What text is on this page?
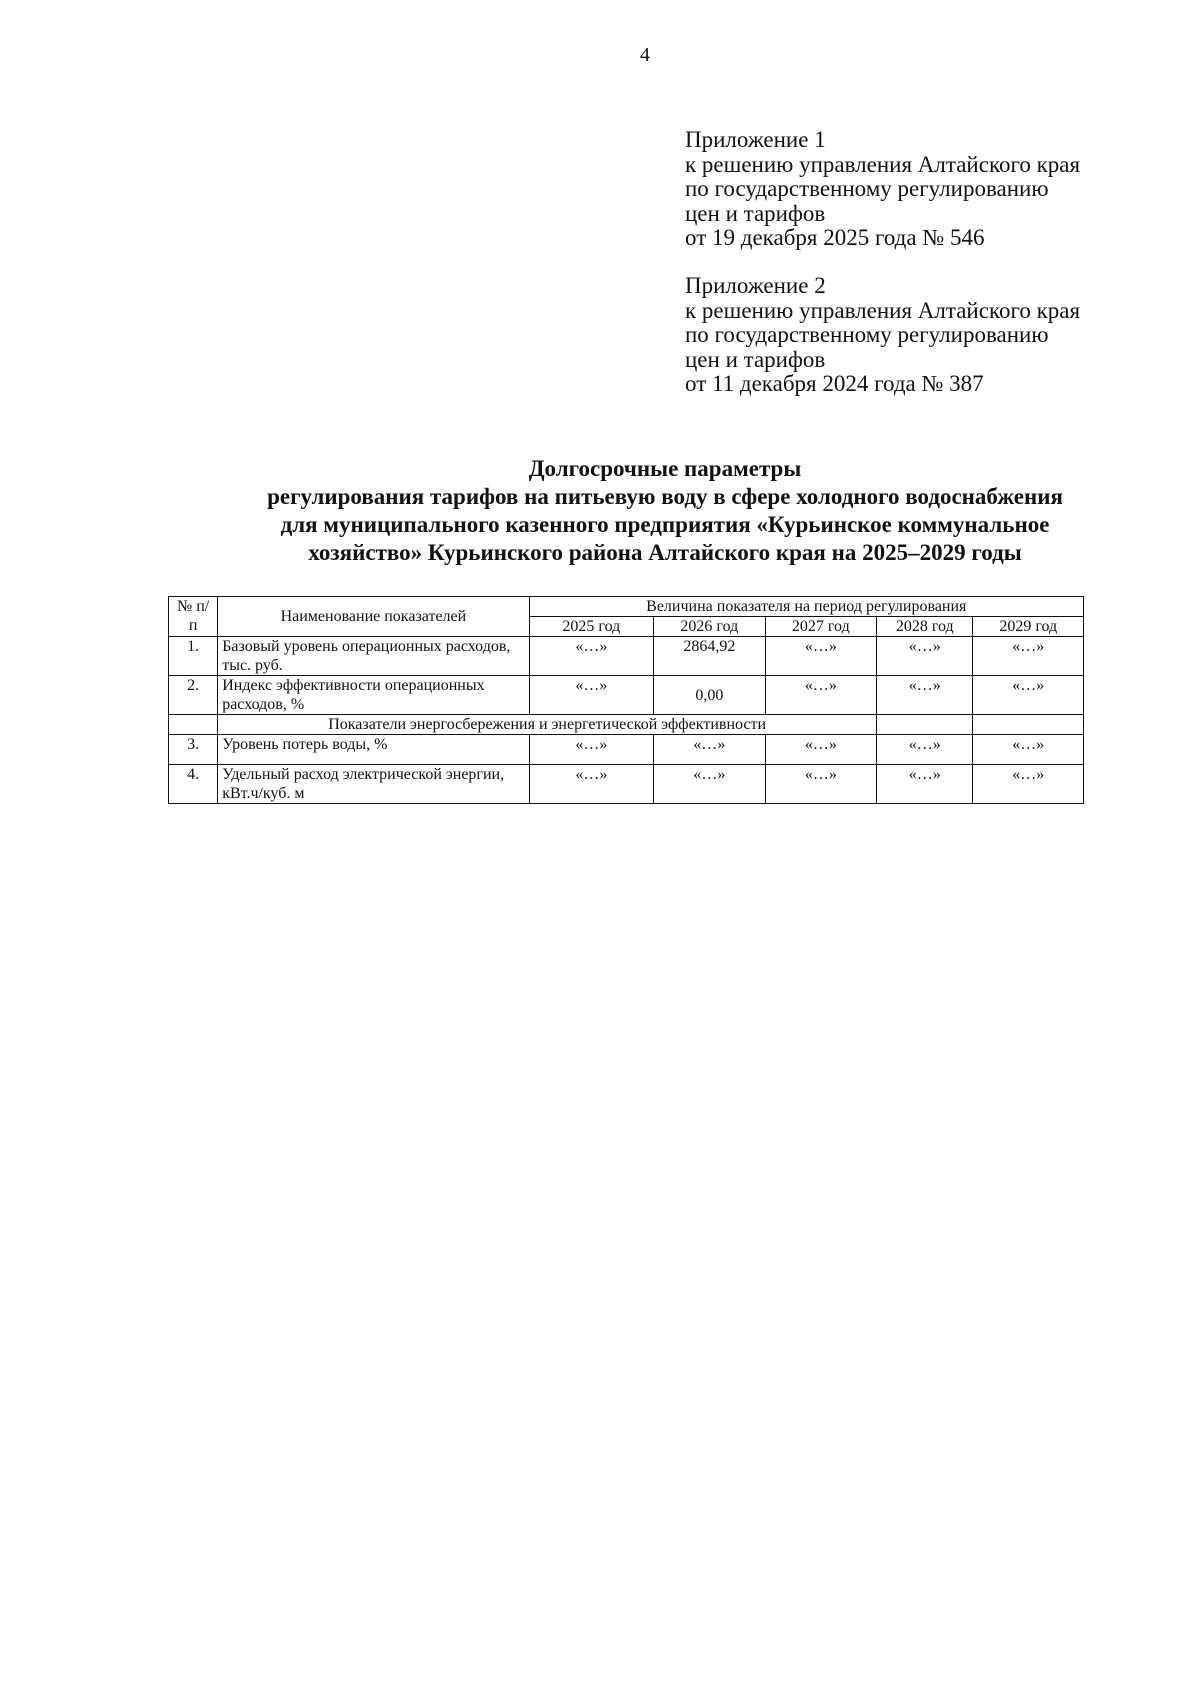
4
Приложение 1
к решению управления Алтайского края
по государственному регулированию
цен и тарифов
от 19 декабря 2025 года № 546
Приложение 2
к решению управления Алтайского края
по государственному регулированию
цен и тарифов
от 11 декабря 2024 года № 387
Долгосрочные параметры
регулирования тарифов на питьевую воду в сфере холодного водоснабжения
для муниципального казенного предприятия «Курьинское коммунальное
хозяйство» Курьинского района Алтайского края на 2025–2029 годы
№ п/п	Наименование показателей	Величина показателя на период регулирования				
		2025 год	2026 год	2027 год	2028 год	2029 год
1.	Базовый уровень операционных расходов, тыс. руб.	«…»	2864,92	«…»	«…»	«…»
2.	Индекс эффективности операционных расходов, %	«…»	0,00	«…»	«…»	«…»
	Показатели энергосбережения и энергетической эффективности					
3.	Уровень потерь воды, %	«…»	«…»	«…»	«…»	«…»
4.	Удельный расход электрической энергии, кВт.ч/куб. м	«…»	«…»	«…»	«…»	«…»
